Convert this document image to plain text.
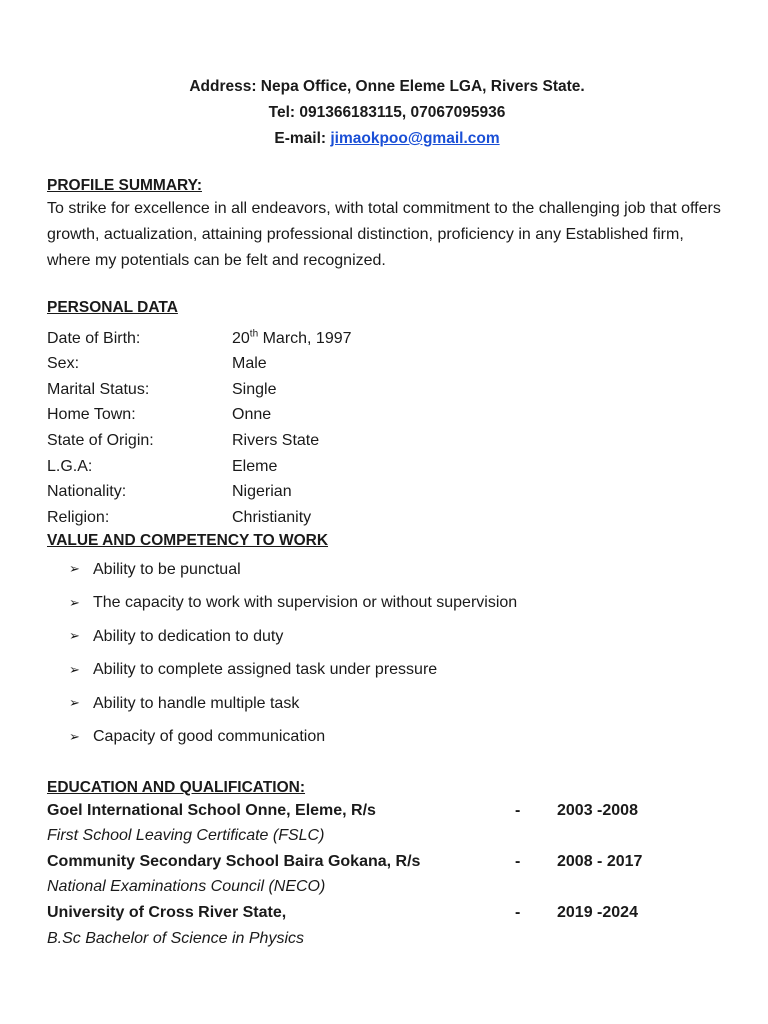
Address: Nepa Office, Onne Eleme LGA, Rivers State.
Tel: 091366183115, 07067095936
E-mail: jimaokpoo@gmail.com
PROFILE SUMMARY:
To strike for excellence in all endeavors, with total commitment to the challenging job that offers growth, actualization, attaining professional distinction, proficiency in any Established firm, where my potentials can be felt and recognized.
PERSONAL DATA
Date of Birth:	20th March, 1997
Sex:	Male
Marital Status:	Single
Home Town:	Onne
State of Origin:	Rivers State
L.G.A:	Eleme
Nationality:	Nigerian
Religion:	Christianity
VALUE AND COMPETENCY TO WORK
➢ Ability to be punctual
➢ The capacity to work with supervision or without supervision
➢ Ability to dedication to duty
➢ Ability to complete assigned task under pressure
➢ Ability to handle multiple task
➢ Capacity of good communication
EDUCATION AND QUALIFICATION:
Goel International School Onne, Eleme, R/s	-	2003 -2008
First School Leaving Certificate (FSLC)
Community Secondary School Baira Gokana, R/s	-	2008 - 2017
National Examinations Council (NECO)
University of Cross River State,	-	2019 -2024
B.Sc Bachelor of Science in Physics
